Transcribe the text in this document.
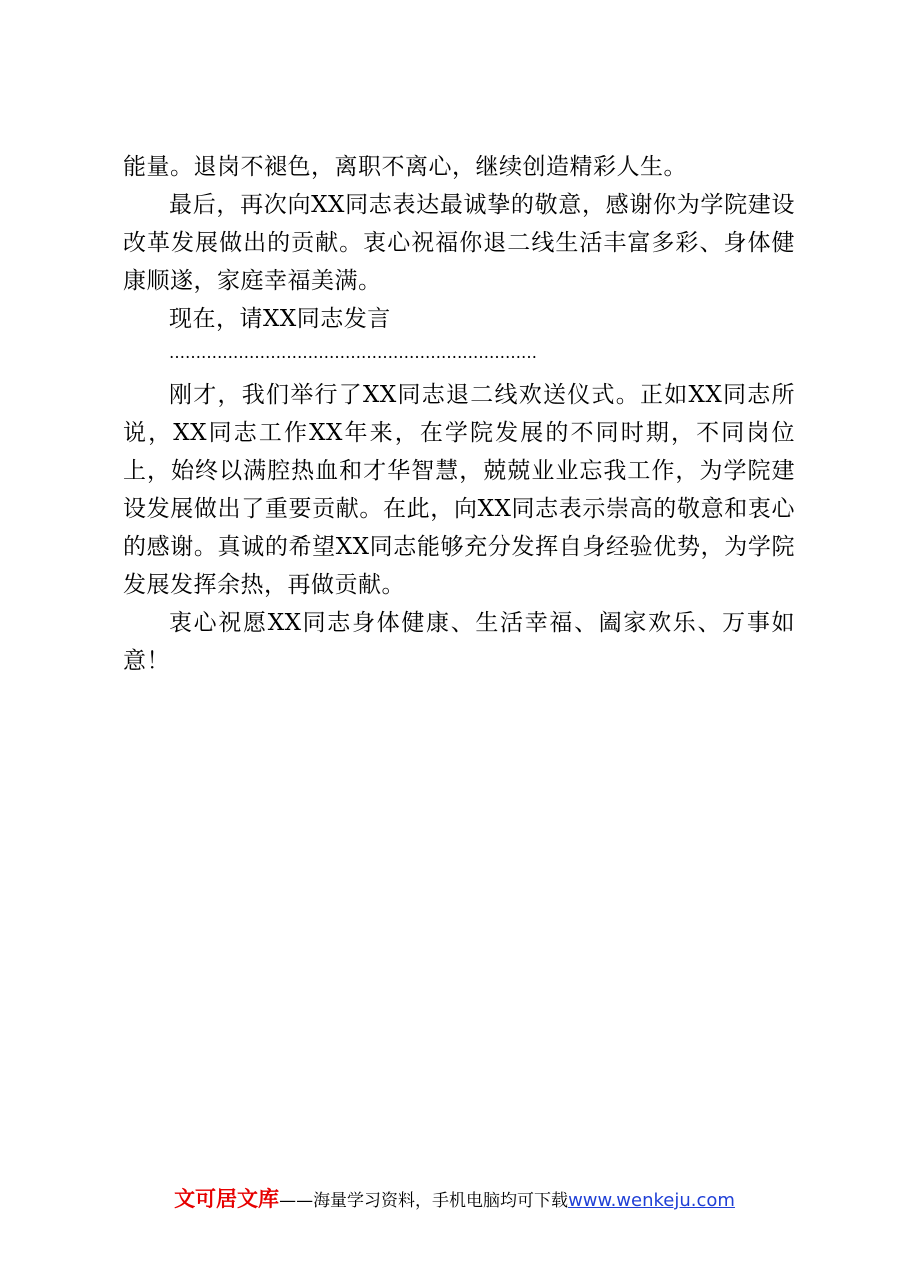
能量。退岗不褪色，离职不离心，继续创造精彩人生。

最后，再次向XX同志表达最诚挚的敬意，感谢你为学院建设改革发展做出的贡献。衷心祝福你退二线生活丰富多彩、身体健康顺遂，家庭幸福美满。

现在，请XX同志发言

……………………………………………………………

刚才，我们举行了XX同志退二线欢送仪式。正如XX同志所说，XX同志工作XX年来，在学院发展的不同时期，不同岗位上，始终以满腔热血和才华智慧，兢兢业业忘我工作，为学院建设发展做出了重要贡献。在此，向XX同志表示崇高的敬意和衷心的感谢。真诚的希望XX同志能够充分发挥自身经验优势，为学院发展发挥余热，再做贡献。

衷心祝愿XX同志身体健康、生活幸福、阖家欢乐、万事如意！

文可居文库——海量学习资料，手机电脑均可下载www.wenkeju.com
